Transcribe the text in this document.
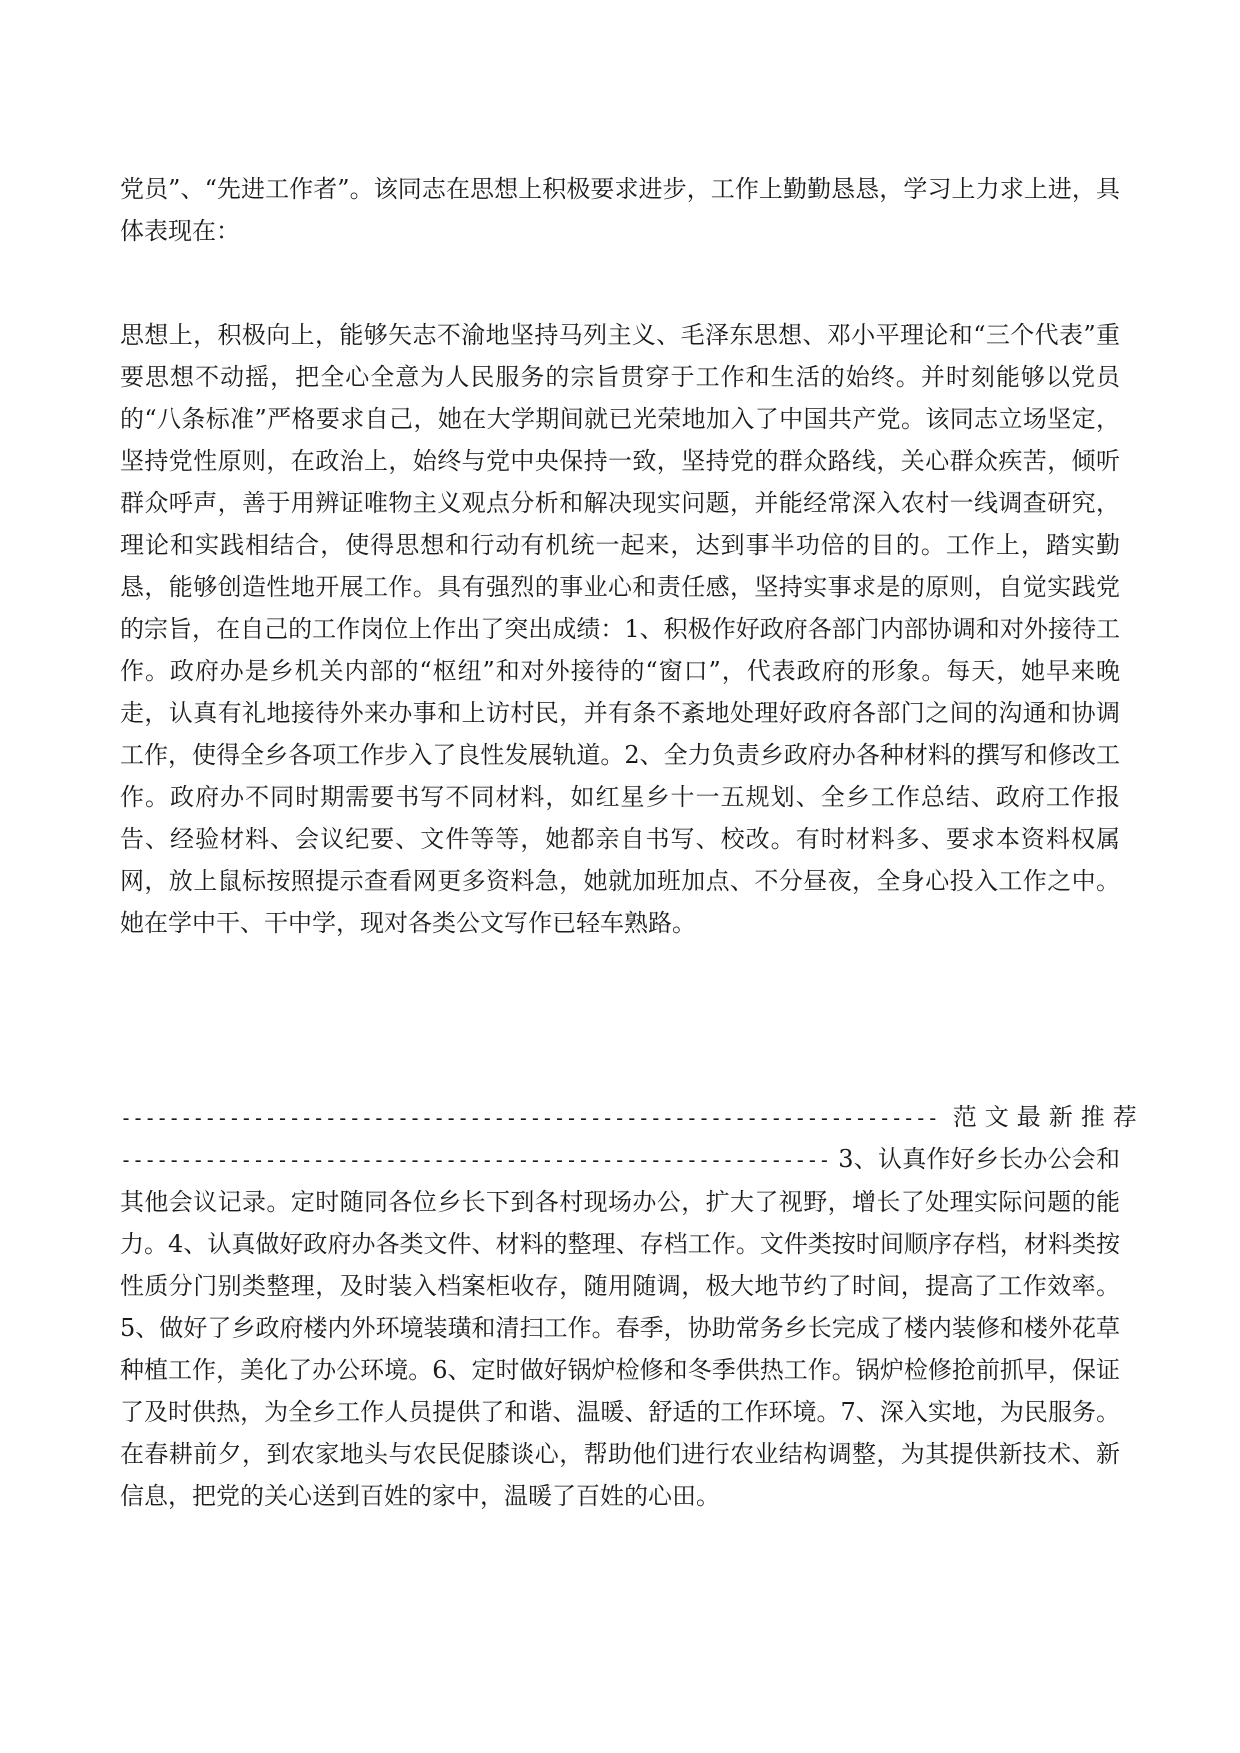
党员”、“先进工作者”。该同志在思想上积极要求进步，工作上勤勤恳恳，学习上力求上进，具体表现在：

思想上，积极向上，能够矢志不渝地坚持马列主义、毛泽东思想、邓小平理论和“三个代表”重要思想不动摇，把全心全意为人民服务的宗旨贯穿于工作和生活的始终。并时刻能够以党员的“八条标准”严格要求自己，她在大学期间就已光荣地加入了中国共产党。该同志立场坚定，坚持党性原则，在政治上，始终与党中央保持一致，坚持党的群众路线，关心群众疾苦，倾听群众呼声，善于用辨证唯物主义观点分析和解决现实问题，并能经常深入农村一线调查研究，理论和实践相结合，使得思想和行动有机统一起来，达到事半功倍的目的。工作上，踏实勤恳，能够创造性地开展工作。具有强烈的事业心和责任感，坚持实事求是的原则，自觉实践党的宗旨，在自己的工作岗位上作出了突出成绩：1、积极作好政府各部门内部协调和对外接待工作。政府办是乡机关内部的“枢纽”和对外接待的“窗口”，代表政府的形象。每天，她早来晚走，认真有礼地接待外来办事和上访村民，并有条不紊地处理好政府各部门之间的沟通和协调工作，使得全乡各项工作步入了良性发展轨道。2、全力负责乡政府办各种材料的撰写和修改工作。政府办不同时期需要书写不同材料，如红星乡十一五规划、全乡工作总结、政府工作报告、经验材料、会议纪要、文件等等，她都亲自书写、校改。有时材料多、要求本资料权属网，放上鼠标按照提示查看网更多资料急，她就加班加点、不分昼夜，全身心投入工作之中。她在学中干、干中学，现对各类公文写作已轻车熟路。

-------------------------------------------------------------------- 范文最新推荐

----------------------------------------------------------- 3、认真作好乡长办公会和其他会议记录。定时随同各位乡长下到各村现场办公，扩大了视野，增长了处理实际问题的能力。4、认真做好政府办各类文件、材料的整理、存档工作。文件类按时间顺序存档，材料类按性质分门别类整理，及时装入档案柜收存，随用随调，极大地节约了时间，提高了工作效率。5、做好了乡政府楼内外环境装璜和清扫工作。春季，协助常务乡长完成了楼内装修和楼外花草种植工作，美化了办公环境。6、定时做好锅炉检修和冬季供热工作。锅炉检修抢前抓早，保证了及时供热，为全乡工作人员提供了和谐、温暖、舒适的工作环境。7、深入实地，为民服务。在春耕前夕，到农家地头与农民促膝谈心，帮助他们进行农业结构调整，为其提供新技术、新信息，把党的关心送到百姓的家中，温暖了百姓的心田。
